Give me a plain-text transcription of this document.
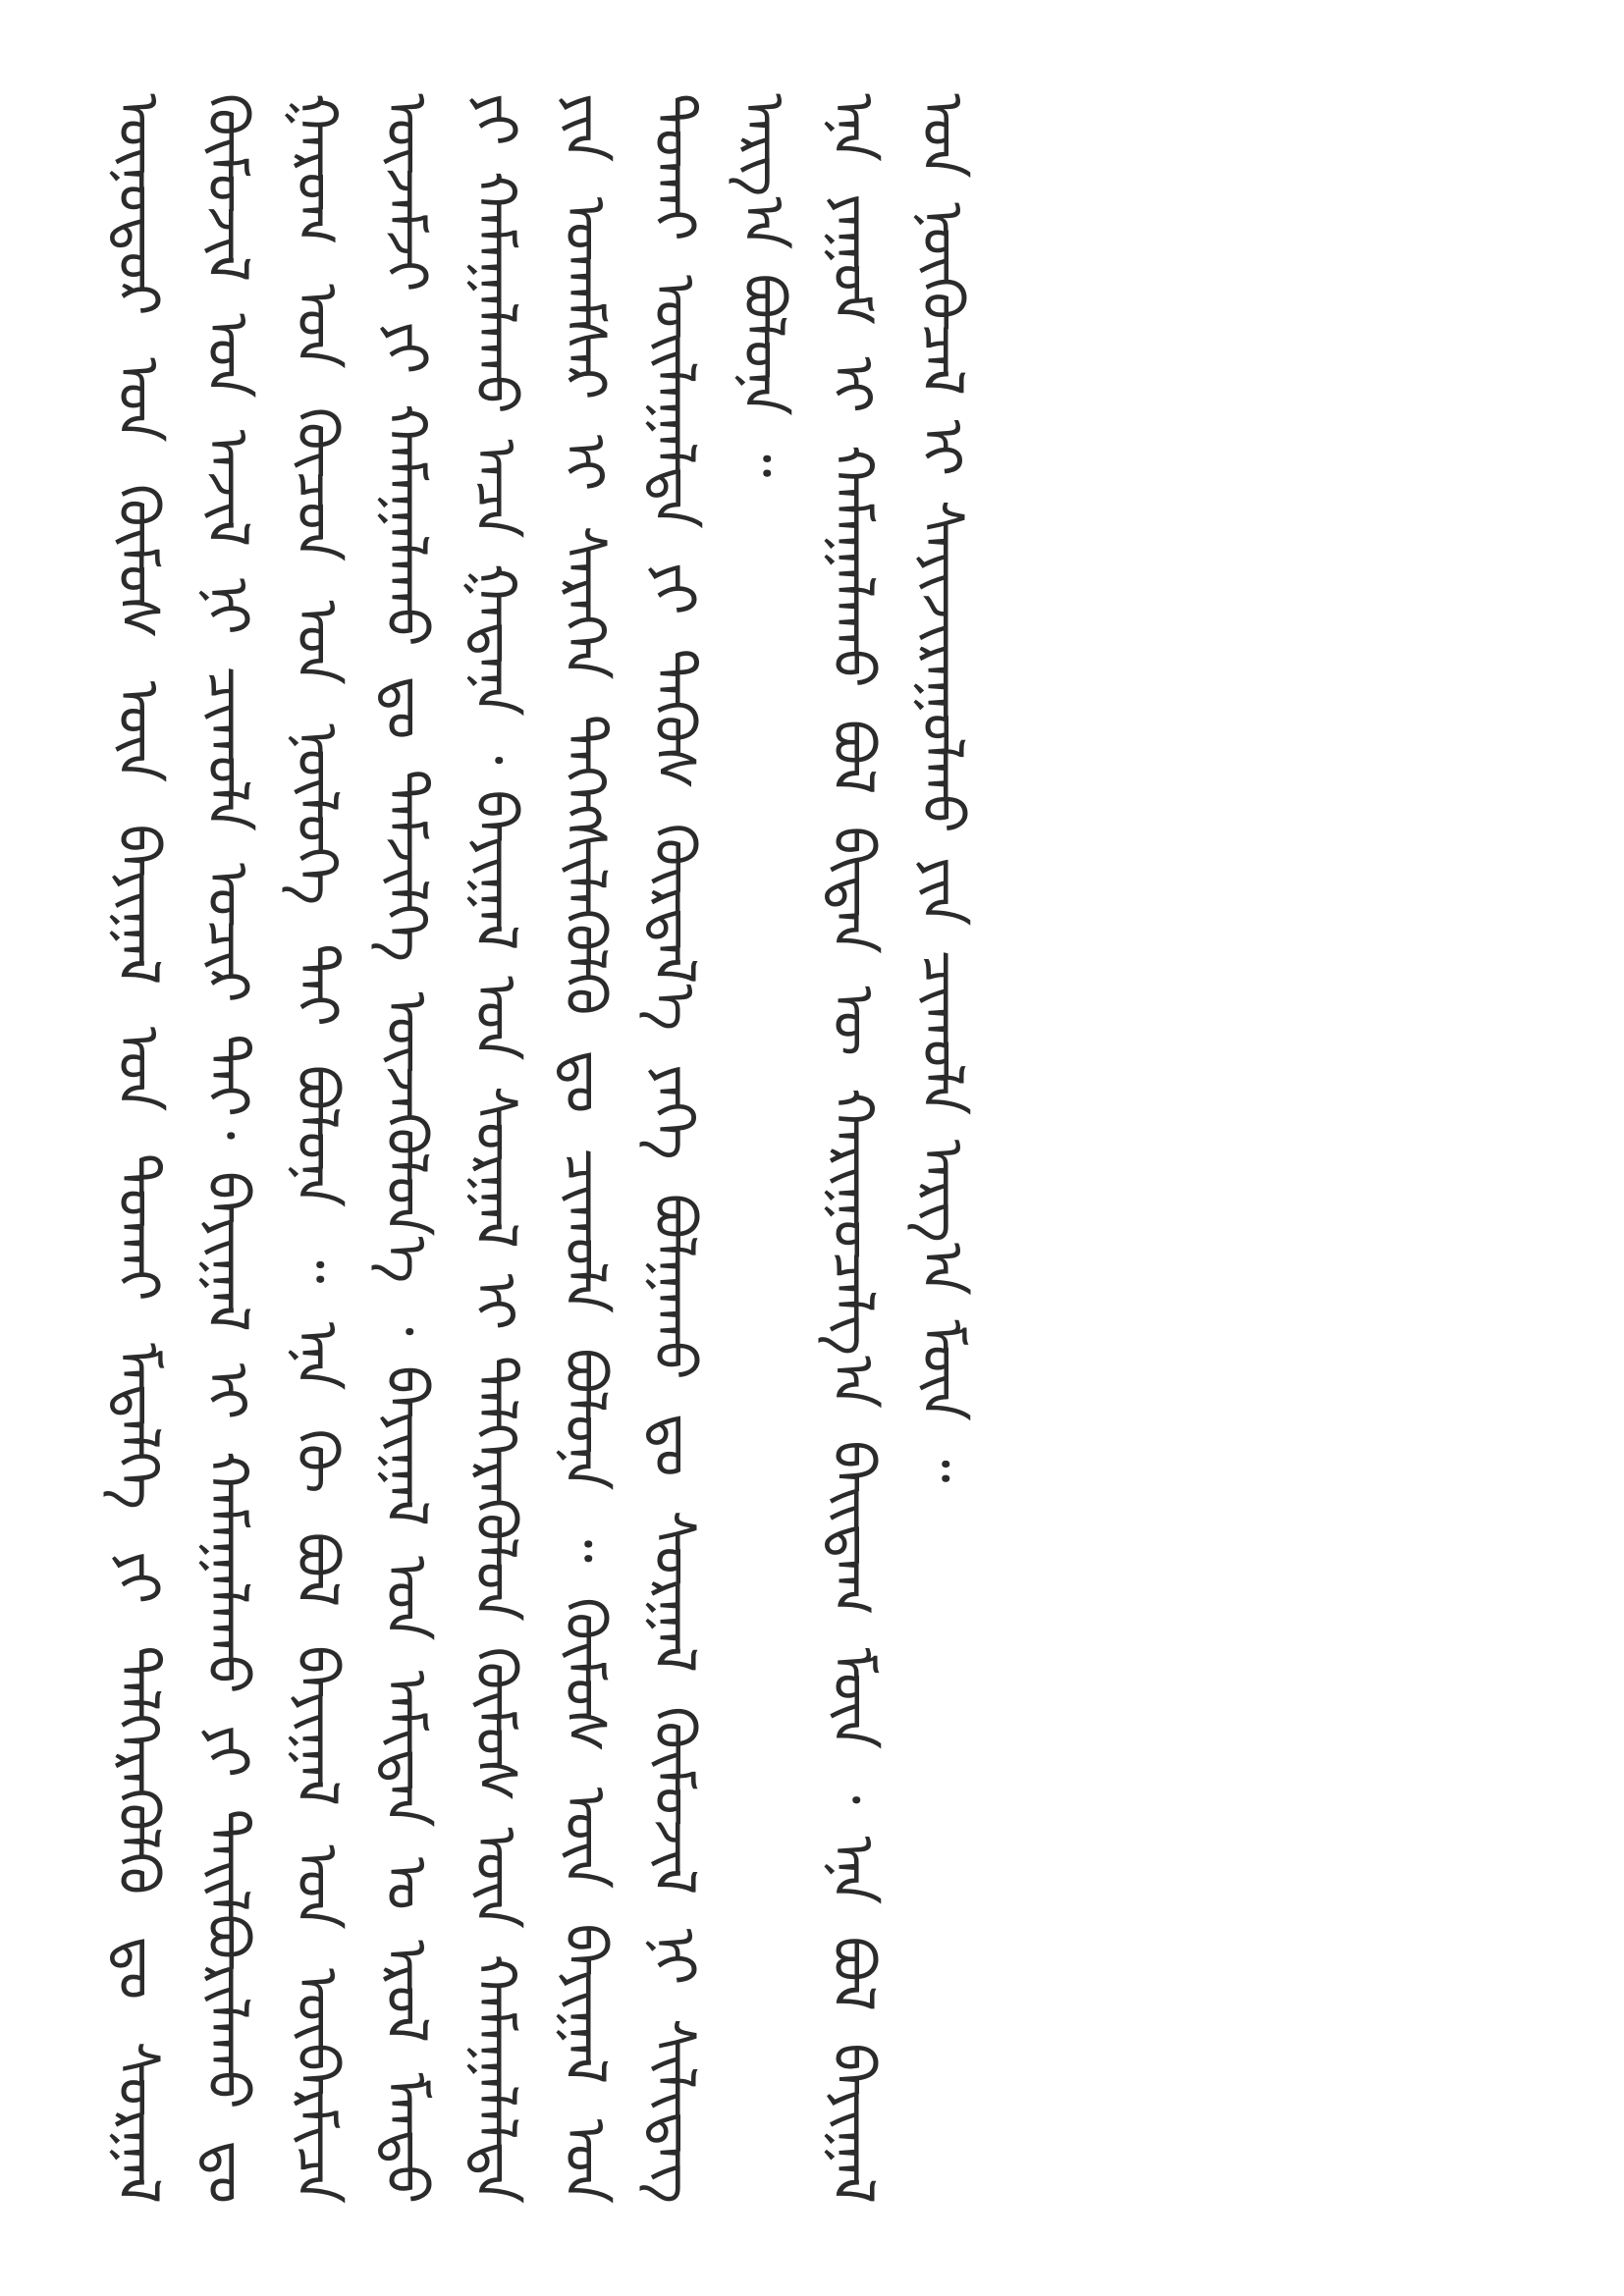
ᠥᠨᠥᠳᠦᠷ ᠤᠨ ᠬᠥᠮᠦᠰ ᠦᠨ ᠪᠠᠶᠢᠭᠠᠯ ᠤᠨ ᠲᠤᠬᠠᠢ ᠮᠡᠳᠡᠯᠭᠡ ᠶᠢ ᠳᠡᠯᠭᠡᠷᠡᠭᠦᠯᠬᠦ ᠳᠤ ᠰᠤᠷᠭᠠᠯ ᠬᠦᠮᠦᠵᠢᠯ ᠤᠨ ᠠᠵᠢᠯ ᠨᠢ ᠴᠢᠬᠤᠯᠠ ᠤᠴᠢᠷ ᠲᠠᠢ᠂ ᠪᠠᠶᠢᠭᠠᠯ ᠢ ᠬᠠᠮᠠᠭᠠᠯᠠᠬᠤ ᠶᠢ ᠲᠠᠢᠯᠪᠤᠷᠢᠯᠠᠬᠤ ᠳᠤ ᠭᠠᠷᠤᠭ ᠤᠨ ᠬᠦᠴᠦᠨ ᠤᠨ ᠨᠥᠯᠦᠭᠡ ᠲᠠᠢ ᠪᠣᠯᠤᠨᠠ ᠃ ᠡᠨᠡ ᠬᠦ ᠪᠣᠯ ᠪᠠᠶᠢᠭᠠᠯ ᠤᠨ ᠥᠪᠡᠷᠮᠢᠴᠡ ᠦᠵᠡᠮᠵᠢ ᠶᠢ ᠬᠠᠮᠠᠭᠠᠯᠠᠬᠤ ᠳᠤ ᠳᠡᠮᠵᠢᠯᠭᠡ ᠦᠵᠡᠭᠦᠯᠦᠨ᠎ᠡ ᠂ ᠪᠠᠶᠢᠭᠠᠯ ᠤᠨ ᠠᠮᠢᠲᠠᠨ ᠤ ᠡᠷᠦᠯ ᠮᠡᠨᠳᠦ ᠶᠢ ᠬᠠᠮᠠᠭᠠᠯᠠᠬᠤ ᠠᠴᠠ ᠭᠠᠳᠠᠨᠠ ᠂ ᠪᠠᠶᠢᠭᠠᠯ ᠤᠨ ᠰᠤᠷᠭᠠᠯ ᠢ ᠳᠡᠯᠭᠡᠷᠡᠭᠦᠯᠦᠨ ᠬᠥᠮᠦᠰ ᠦᠨ ᠬᠠᠮᠠᠭᠠᠯᠠᠯᠲᠠ ᠶᠢᠨ ᠤᠬᠠᠮᠰᠠᠷ ᠢ ᠰᠡᠷᠡᠭᠡᠨ ᠳᠡᠭᠡᠭᠰᠢᠯᠡᠭᠦᠯᠬᠦ ᠳᠤ ᠴᠢᠬᠤᠯᠠ ᠪᠣᠯᠤᠨᠠ ᠃ ᠬᠥᠮᠦᠰ ᠦᠨ ᠪᠠᠶᠢᠭᠠᠯ ᠤᠨ ᠲᠤᠬᠠᠢ ᠣᠢᠯᠠᠭᠠᠯᠲᠠ ᠶᠢ ᠲᠡᠭᠦᠰ ᠬᠦᠷᠲᠡᠯ᠎ᠡ ᠶᠡᠬᠡ ᠪᠣᠯᠭᠠᠬᠤ ᠳᠤ ᠰᠤᠷᠭᠠᠯ ᠬᠦᠮᠦᠵᠢᠯ ᠨᠢ ᠰᠢᠯᠢᠳᠡᠭ ᠠᠷᠭ᠎ᠠ ᠪᠣᠯᠤᠨᠠ ᠃ ᠡᠨᠡ ᠶᠠᠭᠤᠮ ᠢ ᠬᠠᠮᠠᠭᠠᠯᠠᠬᠤ ᠪᠣᠯ ᠪᠢᠳᠡᠨ ᠦ ᠬᠠᠷᠢᠭᠤᠴᠠᠯᠭ᠎ᠠ ᠪᠠᠢᠳᠠᠭ ᠮᠥᠨ ᠂ ᠡᠨᠡ ᠪᠣᠯ ᠪᠠᠶᠢᠭᠠᠯ ᠤᠨ ᠨᠥᠬᠦᠴᠡᠯ ᠢ ᠰᠠᠶᠢᠵᠢᠷᠠᠭᠤᠯᠬᠤ ᠶᠢᠨ ᠴᠢᠬᠤᠯᠠ ᠠᠷᠭ᠎ᠠ ᠮᠥᠨ ᠃
